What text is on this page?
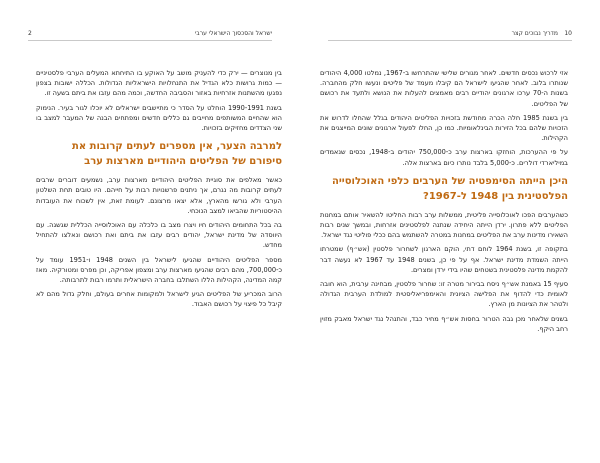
2	ישראל והסכסוך הישראלי ערבי

בין מנוצרים — ירק כדי להעניק מושב על האוקע בו התיחתא המעלים הערבי פלסטיניים — כמות גרושות כלא הגדיל את התנחלויות הישראליות הגדולות. הכללה ישובות בצפון נפגעו מהשתנות אזרחיות באזור והסביבה החדשה, וכמה מהם עזבו את ביתם בשעה זו.

בשנת 1990-1991 הוחלט על הסדר כי מתיישבים ישראלים לא יוכלו לגור בעיר. הנימוק הוא שהחיים המשותפים מחייבים גם כללים חדשים ומפתחים הבנה של המעבר למצב בו שני הצדדים מחזיקים בזכויות.

למרבה הצער, אין מספרים לעתים קרובות את סיפורם של הפליטים היהודיים מארצות ערב

כאשר מאלפים את סוגיית הפליטים היהודיים מארצות ערב, נשמעים דוברים שרבים לעתים קרובות מה נגרם, אך ניתנים פרשנויות רבות על חייהם. היו טובים תחת השלטון הערבי ולא גורשו מהארץ, אלא יצאו מרצונם. לעומת זאת, אין לשכוח את העובדות ההיסטוריות שהביאו למצב הנוכחי.

בה בכל התחומים היהודים חיו ויצרו מצב בו כלכלה עם האוכלוסייה הכללית שגשגה. עם היווסדה של מדינת ישראל, יהודים רבים עזבו את ביתם ואת רכושם ונאלצו להתחיל מחדש.

מספר הפליטים היהודיים שהגיעו לישראל בין השנים 1948 ו-1951 עומד על כ-700,000, מהם רבים שהגיעו מארצות ערב ומצפון אפריקה, וכן מפרס ומטורקיה. מאז קמה המדינה, הקהילות הללו השתלבו בחברה הישראלית ותרמו רבות לתרבותה.

הרוב המכריע של הפליטים הגיע לישראל ולמקומות אחרים בעולם, וחלק גדול מהם לא קיבל כל פיצוי על רכושם האבוד.

10
מדריך נבוכים קצר

אזי לרכוש נכסים חדשים. לאחר מגורים שלישי שהתרחשו ב-1967, נמלטו 4,000 היהודים שנותרו בלוב. לאחר שהגיעו לישראל הם קיבלו מעמד של פליטים ונעשו חלק מהחברה. בשנות ה-70 ערכו ארגונים יהודיים רבים מאמצים להעלות את הנושא ולתעד את רכושם של הפליטים.

בין בשנת 1985 חלה הכרה מחודשת בזכויות הפליטים היהודים בגלל שהחלו לדרוש את הזכויות שלהם בכל הזירות הבינלאומיות. כמו כן, החלו לפעול ארגונים שונים המייצגים את הקהילות.

על פי ההערכות, הוחזקו בארצות ערב כ-750,000 יהודים ב-1948, נכסים שנאמדים במיליארדי דולרים. כ-5,000 בלבד נותרו כיום בארצות אלה.

היכן הייתה הסימפטיה של הערבים כלפי האוכלוסייה הפלסטינית בין 1948 ל-1967?

כשהערבים הפכו לאוכלוסייה פליטית, ממשלות ערב רבות החליטו להשאיר אותם במחנות הפליטים ללא פתרון. ירדן הייתה היחידה שנתנה לפלסטינים אזרחות, ובמשך שנים רבות השאירו מדינות ערב את הפליטים במחנות במטרה להשתמש בהם ככלי פוליטי נגד ישראל.

בתקופה זו, בשנת 1964 לוחם דתי, הוקם הארגון לשחרור פלסטין (אש״ף) שמטרתו הייתה השמדת מדינת ישראל. אף על פי כן, בשנים 1948 עד 1967 לא נעשה דבר להקמת מדינה פלסטינית בשטחים שהיו בידי ירדן ומצרים.

סעיף 15 באמנת אש״ף ניסח בבירור מטרה זו: שחרור פלסטין, מבחינה ערבית, הוא חובה לאומית כדי להדוף את הפלישה הציונית והאימפריאליסטית למולדת הערבית הגדולה ולטהר את הציונות מן הארץ.

בשנים שלאחר מכן גבה הטרור בחסות אש״ף מחיר כבד, והתנהל נגד ישראל מאבק מזוין רחב היקף.
